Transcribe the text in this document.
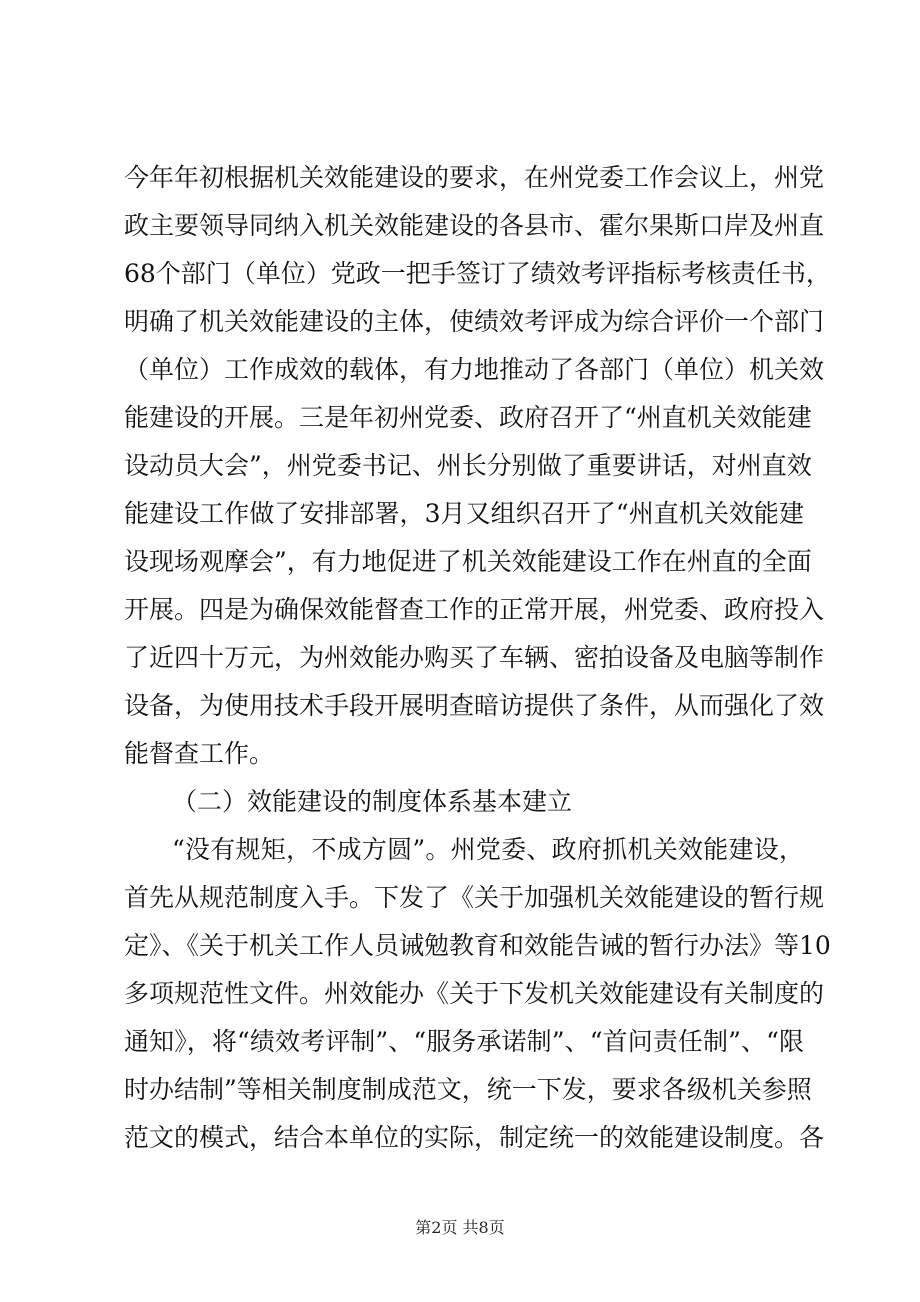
今年年初根据机关效能建设的要求，在州党委工作会议上，州党
政主要领导同纳入机关效能建设的各县市、霍尔果斯口岸及州直
68个部门（单位）党政一把手签订了绩效考评指标考核责任书，
明确了机关效能建设的主体，使绩效考评成为综合评价一个部门
（单位）工作成效的载体，有力地推动了各部门（单位）机关效
能建设的开展。三是年初州党委、政府召开了“州直机关效能建
设动员大会”，州党委书记、州长分别做了重要讲话，对州直效
能建设工作做了安排部署，3月又组织召开了“州直机关效能建
设现场观摩会”，有力地促进了机关效能建设工作在州直的全面
开展。四是为确保效能督查工作的正常开展，州党委、政府投入
了近四十万元，为州效能办购买了车辆、密拍设备及电脑等制作
设备，为使用技术手段开展明查暗访提供了条件，从而强化了效
能督查工作。
（二）效能建设的制度体系基本建立
“没有规矩，不成方圆”。州党委、政府抓机关效能建设，
首先从规范制度入手。下发了《关于加强机关效能建设的暂行规
定》、《关于机关工作人员诫勉教育和效能告诫的暂行办法》等10
多项规范性文件。州效能办《关于下发机关效能建设有关制度的
通知》，将“绩效考评制”、“服务承诺制”、“首问责任制”、“限
时办结制”等相关制度制成范文，统一下发，要求各级机关参照
范文的模式，结合本单位的实际，制定统一的效能建设制度。各
第2页 共8页
